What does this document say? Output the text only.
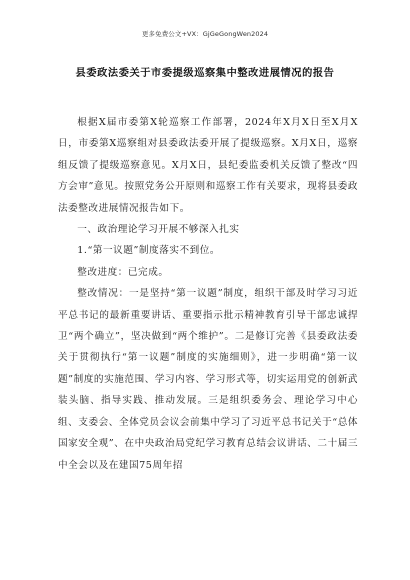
更多免费公文+VX：GjGeGongWen2024
县委政法委关于市委提级巡察集中整改进展情况的报告

根据X届市委第X轮巡察工作部署，2024年X月X日至X月X日，市委第X巡察组对县委政法委开展了提级巡察。X月X日，巡察组反馈了提级巡察意见。X月X日，县纪委监委机关反馈了整改“四方会审”意见。按照党务公开原则和巡察工作有关要求，现将县委政法委整改进展情况报告如下。

一、政治理论学习开展不够深入扎实

1.“第一议题”制度落实不到位。

整改进度：已完成。

整改情况：一是坚持“第一议题”制度，组织干部及时学习习近平总书记的最新重要讲话、重要指示批示精神教育引导干部忠诚捍卫“两个确立”，坚决做到“两个维护”。二是修订完善《县委政法委关于贯彻执行“第一议题”制度的实施细则》，进一步明确“第一议题”制度的实施范围、学习内容、学习形式等，切实运用党的创新武装头脑、指导实践、推动发展。三是组织委务会、理论学习中心组、支委会、全体党员会议会前集中学习了习近平总书记关于“总体国家安全观”、在中央政治局党纪学习教育总结会议讲话、二十届三中全会以及在建国75周年招
